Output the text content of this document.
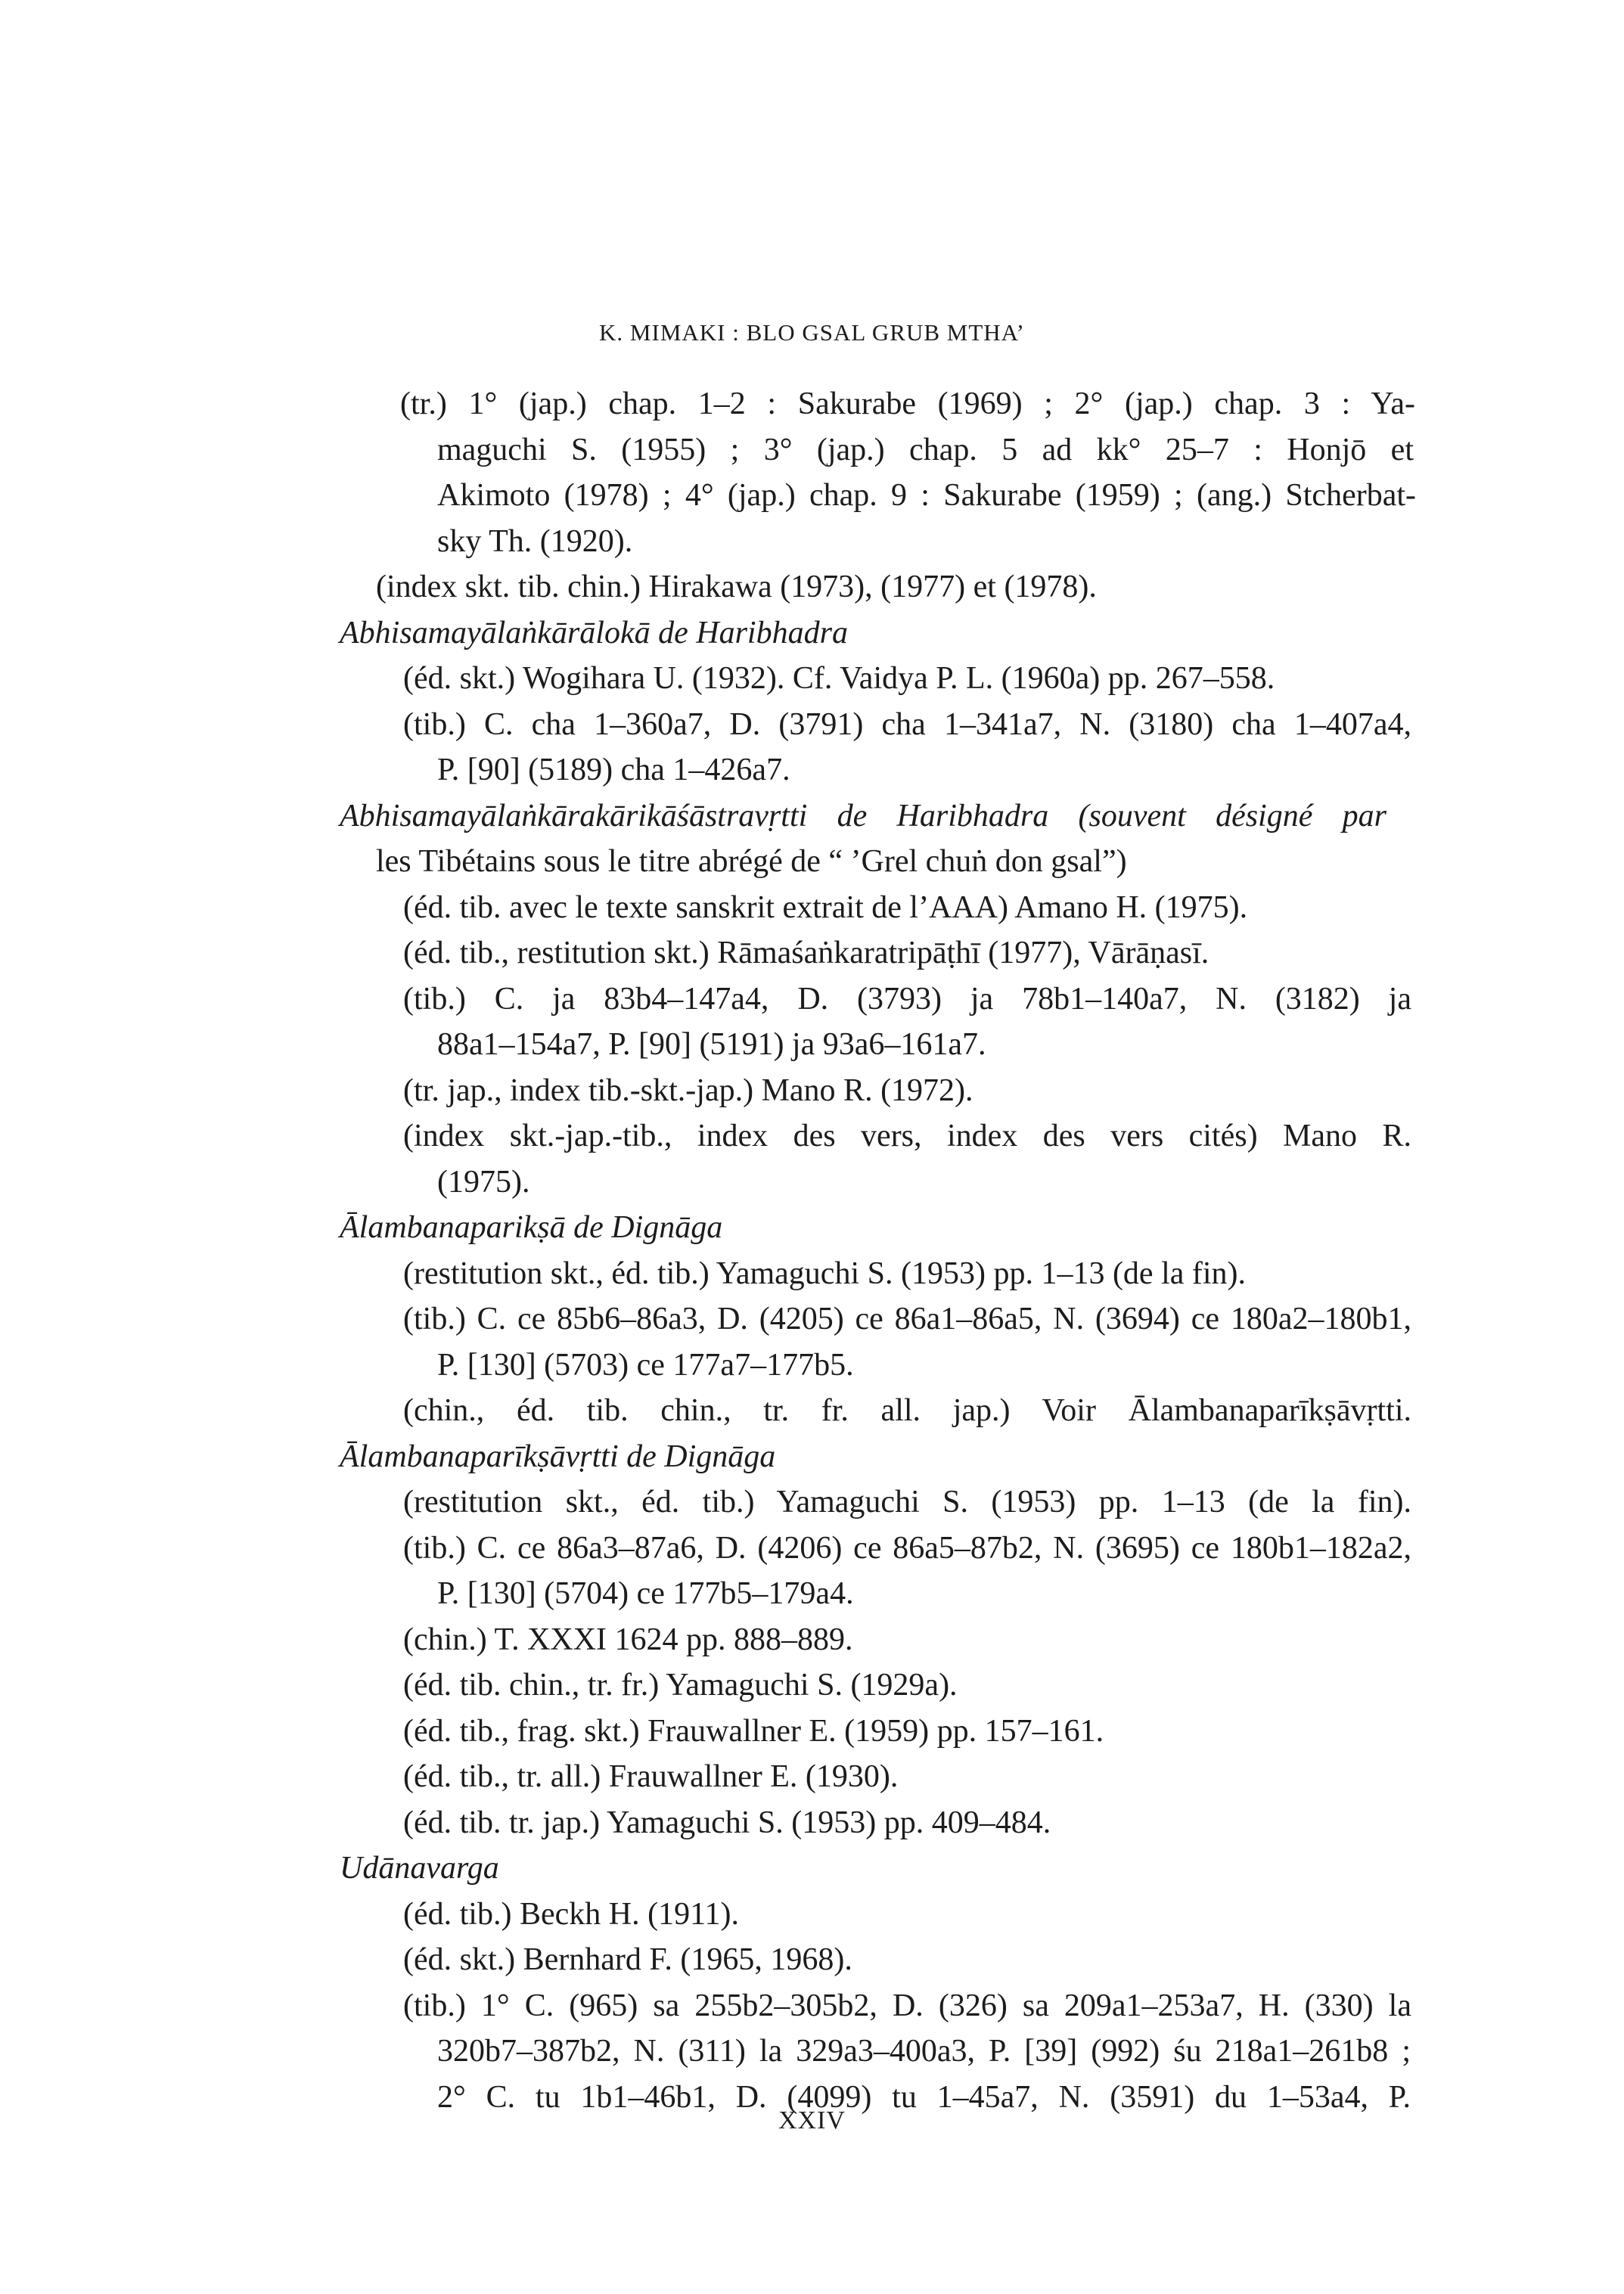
K. MIMAKI : BLO GSAL GRUB MTHA’
(tr.) 1° (jap.) chap. 1–2 : Sakurabe (1969) ; 2° (jap.) chap. 3 : Ya-
maguchi S. (1955) ; 3° (jap.) chap. 5 ad kk° 25–7 : Honjō et
Akimoto (1978) ; 4° (jap.) chap. 9 : Sakurabe (1959) ; (ang.) Stcherbat-
sky Th. (1920).
(index skt. tib. chin.) Hirakawa (1973), (1977) et (1978).
Abhisamayālaṅkārālokā de Haribhadra
(éd. skt.) Wogihara U. (1932). Cf. Vaidya P. L. (1960a) pp. 267–558.
(tib.) C. cha 1–360a7, D. (3791) cha 1–341a7, N. (3180) cha 1–407a4,
P. [90] (5189) cha 1–426a7.
Abhisamayālaṅkārakārikāśāstravṛtti de Haribhadra (souvent désigné par
les Tibétains sous le titre abrégé de “ ’Grel chuṅ don gsal”)
(éd. tib. avec le texte sanskrit extrait de l’AAA) Amano H. (1975).
(éd. tib., restitution skt.) Rāmaśaṅkaratripāṭhī (1977), Vārāṇasī.
(tib.) C. ja 83b4–147a4, D. (3793) ja 78b1–140a7, N. (3182) ja
88a1–154a7, P. [90] (5191) ja 93a6–161a7.
(tr. jap., index tib.-skt.-jap.) Mano R. (1972).
(index skt.-jap.-tib., index des vers, index des vers cités) Mano R.
(1975).
Ālambanaparikṣā de Dignāga
(restitution skt., éd. tib.) Yamaguchi S. (1953) pp. 1–13 (de la fin).
(tib.) C. ce 85b6–86a3, D. (4205) ce 86a1–86a5, N. (3694) ce 180a2–180b1,
P. [130] (5703) ce 177a7–177b5.
(chin., éd. tib. chin., tr. fr. all. jap.) Voir Ālambanaparīkṣāvṛtti.
Ālambanaparīkṣāvṛtti de Dignāga
(restitution skt., éd. tib.) Yamaguchi S. (1953) pp. 1–13 (de la fin).
(tib.) C. ce 86a3–87a6, D. (4206) ce 86a5–87b2, N. (3695) ce 180b1–182a2,
P. [130] (5704) ce 177b5–179a4.
(chin.) T. XXXI 1624 pp. 888–889.
(éd. tib. chin., tr. fr.) Yamaguchi S. (1929a).
(éd. tib., frag. skt.) Frauwallner E. (1959) pp. 157–161.
(éd. tib., tr. all.) Frauwallner E. (1930).
(éd. tib. tr. jap.) Yamaguchi S. (1953) pp. 409–484.
Udānavarga
(éd. tib.) Beckh H. (1911).
(éd. skt.) Bernhard F. (1965, 1968).
(tib.) 1° C. (965) sa 255b2–305b2, D. (326) sa 209a1–253a7, H. (330) la
320b7–387b2, N. (311) la 329a3–400a3, P. [39] (992) śu 218a1–261b8 ;
2° C. tu 1b1–46b1, D. (4099) tu 1–45a7, N. (3591) du 1–53a4, P.
XXIV
